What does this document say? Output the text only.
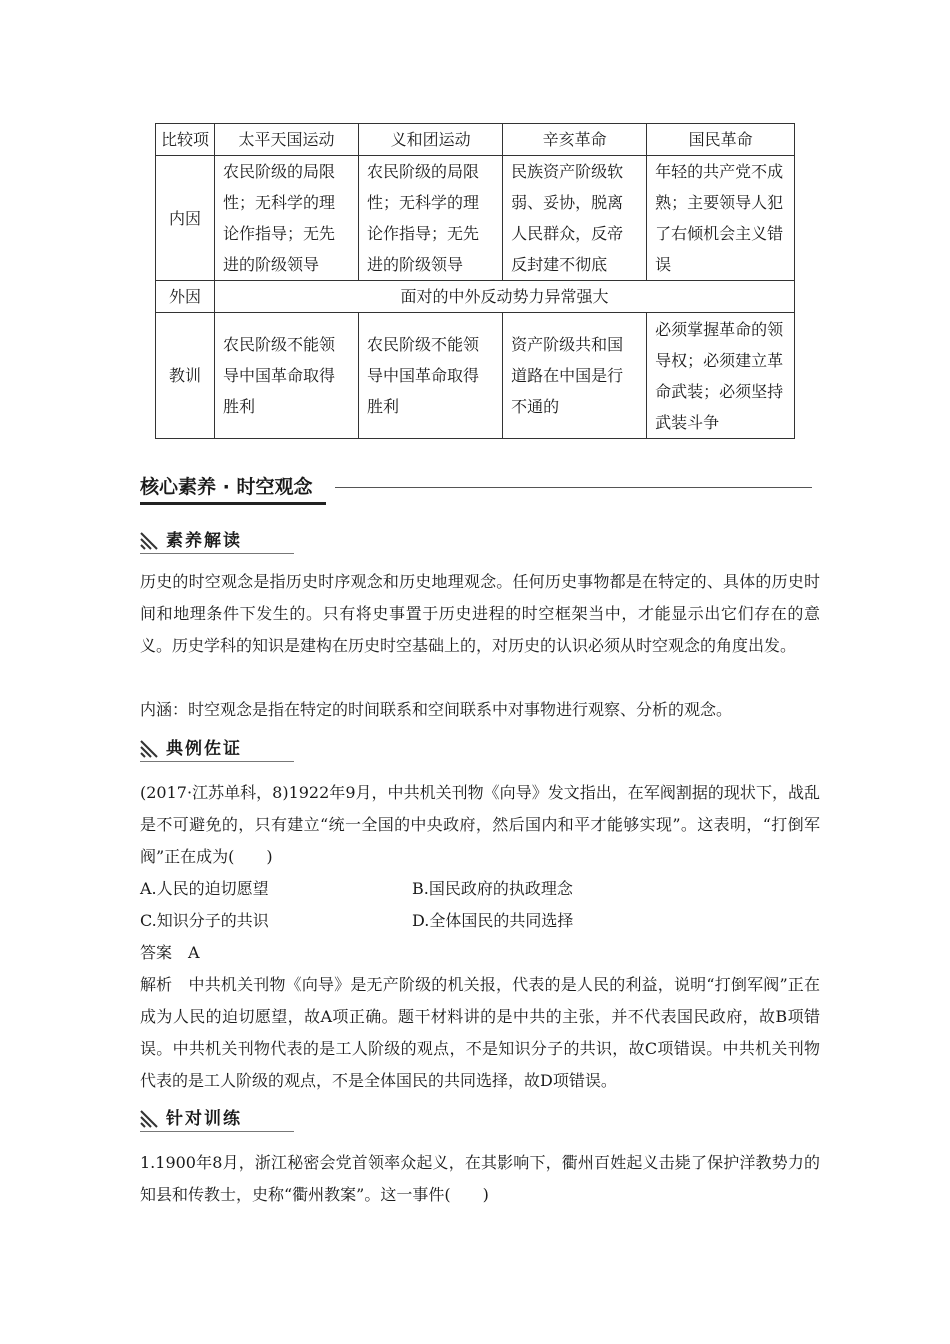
比较项	太平天国运动	义和团运动	辛亥革命	国民革命
内因	农民阶级的局限性；无科学的理论作指导；无先进的阶级领导	农民阶级的局限性；无科学的理论作指导；无先进的阶级领导	民族资产阶级软弱、妥协，脱离人民群众，反帝反封建不彻底	年轻的共产党不成熟；主要领导人犯了右倾机会主义错误
外因	面对的中外反动势力异常强大			
教训	农民阶级不能领导中国革命取得胜利	农民阶级不能领导中国革命取得胜利	资产阶级共和国道路在中国是行不通的	必须掌握革命的领导权；必须建立革命武装；必须坚持武装斗争
核心素养 · 时空观念
素养解读

历史的时空观念是指历史时序观念和历史地理观念。任何历史事物都是在特定的、具体的历史时间和地理条件下发生的。只有将史事置于历史进程的时空框架当中，才能显示出它们存在的意义。历史学科的知识是建构在历史时空基础上的，对历史的认识必须从时空观念的角度出发。

内涵：时空观念是指在特定的时间联系和空间联系中对事物进行观察、分析的观念。

典例佐证

(2017·江苏单科，8)1922年9月，中共机关刊物《向导》发文指出，在军阀割据的现状下，战乱是不可避免的，只有建立“统一全国的中央政府，然后国内和平才能够实现”。这表明，“打倒军阀”正在成为(　　)

A.人民的迫切愿望	B.国民政府的执政理念
C.知识分子的共识	D.全体国民的共同选择

答案　A

解析　中共机关刊物《向导》是无产阶级的机关报，代表的是人民的利益，说明“打倒军阀”正在成为人民的迫切愿望，故A项正确。题干材料讲的是中共的主张，并不代表国民政府，故B项错误。中共机关刊物代表的是工人阶级的观点，不是知识分子的共识，故C项错误。中共机关刊物代表的是工人阶级的观点，不是全体国民的共同选择，故D项错误。

针对训练

1.1900年8月，浙江秘密会党首领率众起义，在其影响下，衢州百姓起义击毙了保护洋教势力的知县和传教士，史称“衢州教案”。这一事件(　　)
